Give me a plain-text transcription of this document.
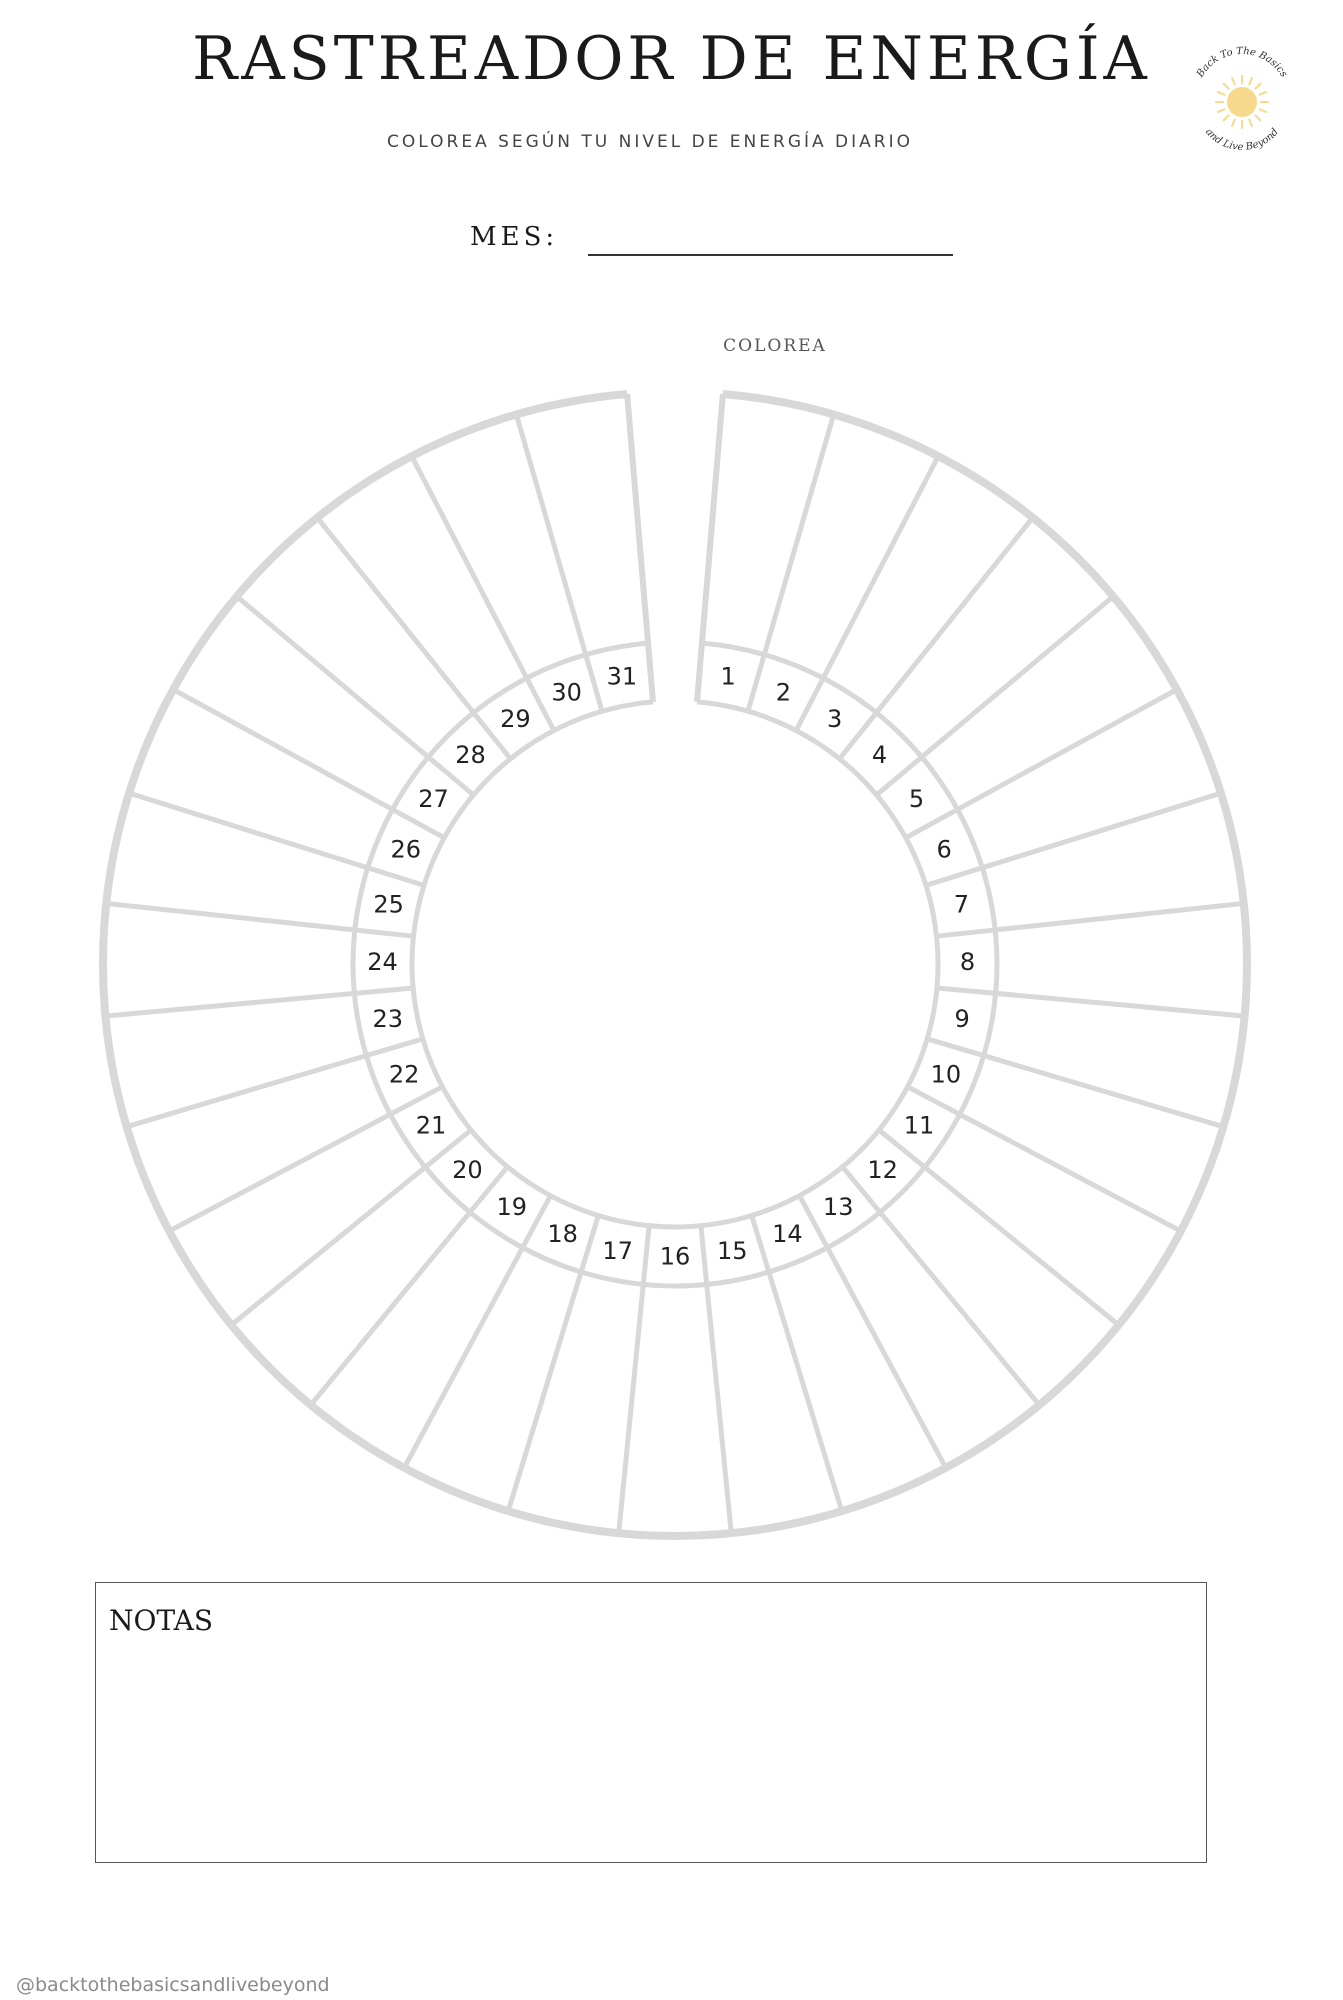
RASTREADOR DE ENERGÍA
COLOREA SEGÚN TU NIVEL DE ENERGÍA DIARIO
Back To The Basics
and Live Beyond
MES:
COLOREA
1
2
3
4
5
6
7
8
9
10
11
12
13
14
15
16
17
18
19
20
21
22
23
24
25
26
27
28
29
30
31
NOTAS
@backtothebasicsandlivebeyond
